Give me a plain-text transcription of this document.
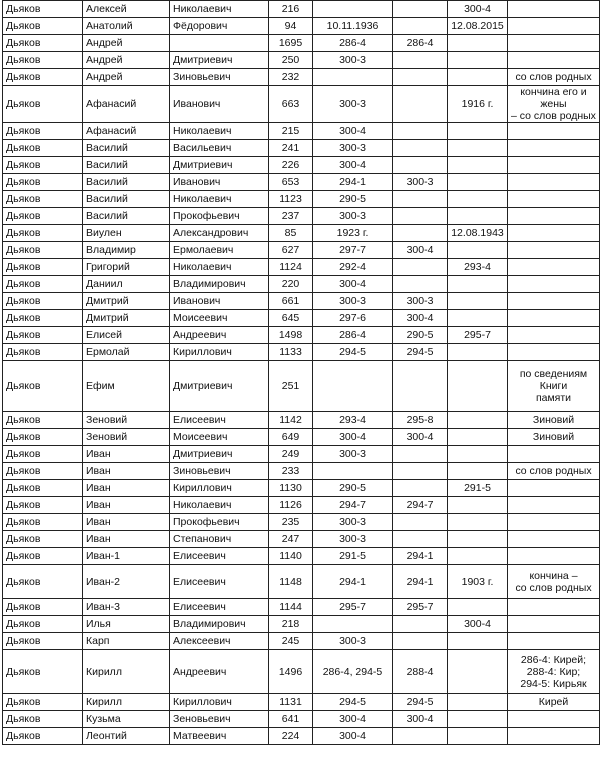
Дьяков	Алексей	Николаевич	216			300-4	
Дьяков	Анатолий	Фёдорович	94	10.11.1936		12.08.2015	
Дьяков	Андрей		1695	286-4	286-4		
Дьяков	Андрей	Дмитриевич	250	300-3			
Дьяков	Андрей	Зиновьевич	232				со слов родных
Дьяков	Афанасий	Иванович	663	300-3		1916 г.	кончина его и жены
– со слов родных
Дьяков	Афанасий	Николаевич	215	300-4			
Дьяков	Василий	Васильевич	241	300-3			
Дьяков	Василий	Дмитриевич	226	300-4			
Дьяков	Василий	Иванович	653	294-1	300-3		
Дьяков	Василий	Николаевич	1123	290-5			
Дьяков	Василий	Прокофьевич	237	300-3			
Дьяков	Виулен	Александрович	85	1923 г.		12.08.1943	
Дьяков	Владимир	Ермолаевич	627	297-7	300-4		
Дьяков	Григорий	Николаевич	1124	292-4		293-4	
Дьяков	Даниил	Владимирович	220	300-4			
Дьяков	Дмитрий	Иванович	661	300-3	300-3		
Дьяков	Дмитрий	Моисеевич	645	297-6	300-4		
Дьяков	Елисей	Андреевич	1498	286-4	290-5	295-7	
Дьяков	Ермолай	Кириллович	1133	294-5	294-5		
Дьяков	Ефим	Дмитриевич	251				по сведениям Книги
памяти
Дьяков	Зеновий	Елисеевич	1142	293-4	295-8		Зиновий
Дьяков	Зеновий	Моисеевич	649	300-4	300-4		Зиновий
Дьяков	Иван	Дмитриевич	249	300-3			
Дьяков	Иван	Зиновьевич	233				со слов родных
Дьяков	Иван	Кириллович	1130	290-5		291-5	
Дьяков	Иван	Николаевич	1126	294-7	294-7		
Дьяков	Иван	Прокофьевич	235	300-3			
Дьяков	Иван	Степанович	247	300-3			
Дьяков	Иван-1	Елисеевич	1140	291-5	294-1		
Дьяков	Иван-2	Елисеевич	1148	294-1	294-1	1903 г.	кончина –
со слов родных
Дьяков	Иван-3	Елисеевич	1144	295-7	295-7		
Дьяков	Илья	Владимирович	218			300-4	
Дьяков	Карп	Алексеевич	245	300-3			
Дьяков	Кирилл	Андреевич	1496	286-4, 294-5	288-4		286-4: Кирей;
288-4: Кир;
294-5: Кирьяк
Дьяков	Кирилл	Кириллович	1131	294-5	294-5		Кирей
Дьяков	Кузьма	Зеновьевич	641	300-4	300-4		
Дьяков	Леонтий	Матвеевич	224	300-4			
